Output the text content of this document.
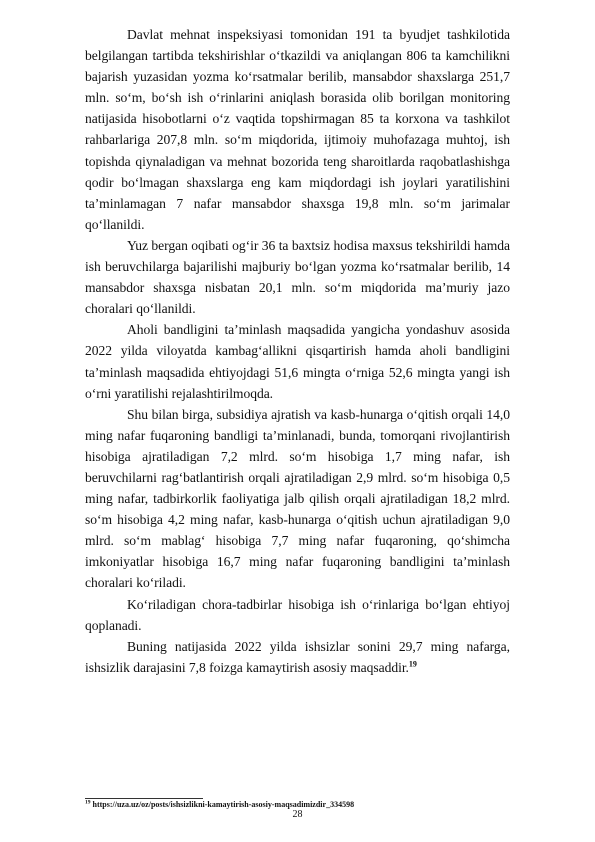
Davlat mehnat inspeksiyasi tomonidan 191 ta byudjet tashkilotida belgilangan tartibda tekshirishlar o‘tkazildi va aniqlangan 806 ta kamchilikni bajarish yuzasidan yozma ko‘rsatmalar berilib, mansabdor shaxslarga 251,7 mln. so‘m, bo‘sh ish o‘rinlarini aniqlash borasida olib borilgan monitoring natijasida hisobotlarni o‘z vaqtida topshirmagan 85 ta korxona va tashkilot rahbarlariga 207,8 mln. so‘m miqdorida, ijtimoiy muhofazaga muhtoj, ish topishda qiynaladigan va mehnat bozorida teng sharoitlarda raqobatlashishga qodir bo‘lmagan shaxslarga eng kam miqdordagi ish joylari yaratilishini ta’minlamagan 7 nafar mansabdor shaxsga 19,8 mln. so‘m jarimalar qo‘llanildi.

Yuz bergan oqibati og‘ir 36 ta baxtsiz hodisa maxsus tekshirildi hamda ish beruvchilarga bajarilishi majburiy bo‘lgan yozma ko‘rsatmalar berilib, 14 mansabdor shaxsga nisbatan 20,1 mln. so‘m miqdorida ma’muriy jazo choralari qo‘llanildi.

Aholi bandligini ta’minlash maqsadida yangicha yondashuv asosida 2022 yilda viloyatda kambag‘allikni qisqartirish hamda aholi bandligini ta’minlash maqsadida ehtiyojdagi 51,6 mingta o‘rniga 52,6 mingta yangi ish o‘rni yaratilishi rejalashtirilmoqda.

Shu bilan birga, subsidiya ajratish va kasb-hunarga o‘qitish orqali 14,0 ming nafar fuqaroning bandligi ta’minlanadi, bunda, tomorqani rivojlantirish hisobiga ajratiladigan 7,2 mlrd. so‘m hisobiga 1,7 ming nafar, ish beruvchilarni rag‘batlantirish orqali ajratiladigan 2,9 mlrd. so‘m hisobiga 0,5 ming nafar, tadbirkorlik faoliyatiga jalb qilish orqali ajratiladigan 18,2 mlrd. so‘m hisobiga 4,2 ming nafar, kasb-hunarga o‘qitish uchun ajratiladigan 9,0 mlrd. so‘m mablag‘ hisobiga 7,7 ming nafar fuqaroning, qo‘shimcha imkoniyatlar hisobiga 16,7 ming nafar fuqaroning bandligini ta’minlash choralari ko‘riladi.

Ko‘riladigan chora-tadbirlar hisobiga ish o‘rinlariga bo‘lgan ehtiyoj qoplanadi.

Buning natijasida 2022 yilda ishsizlar sonini 29,7 ming nafarga, ishsizlik darajasini 7,8 foizga kamaytirish asosiy maqsaddir.$^{19}$

$^{19}$ https://uza.uz/oz/posts/ishsizlikni-kamaytirish-asosiy-maqsadimizdir_334598
28
